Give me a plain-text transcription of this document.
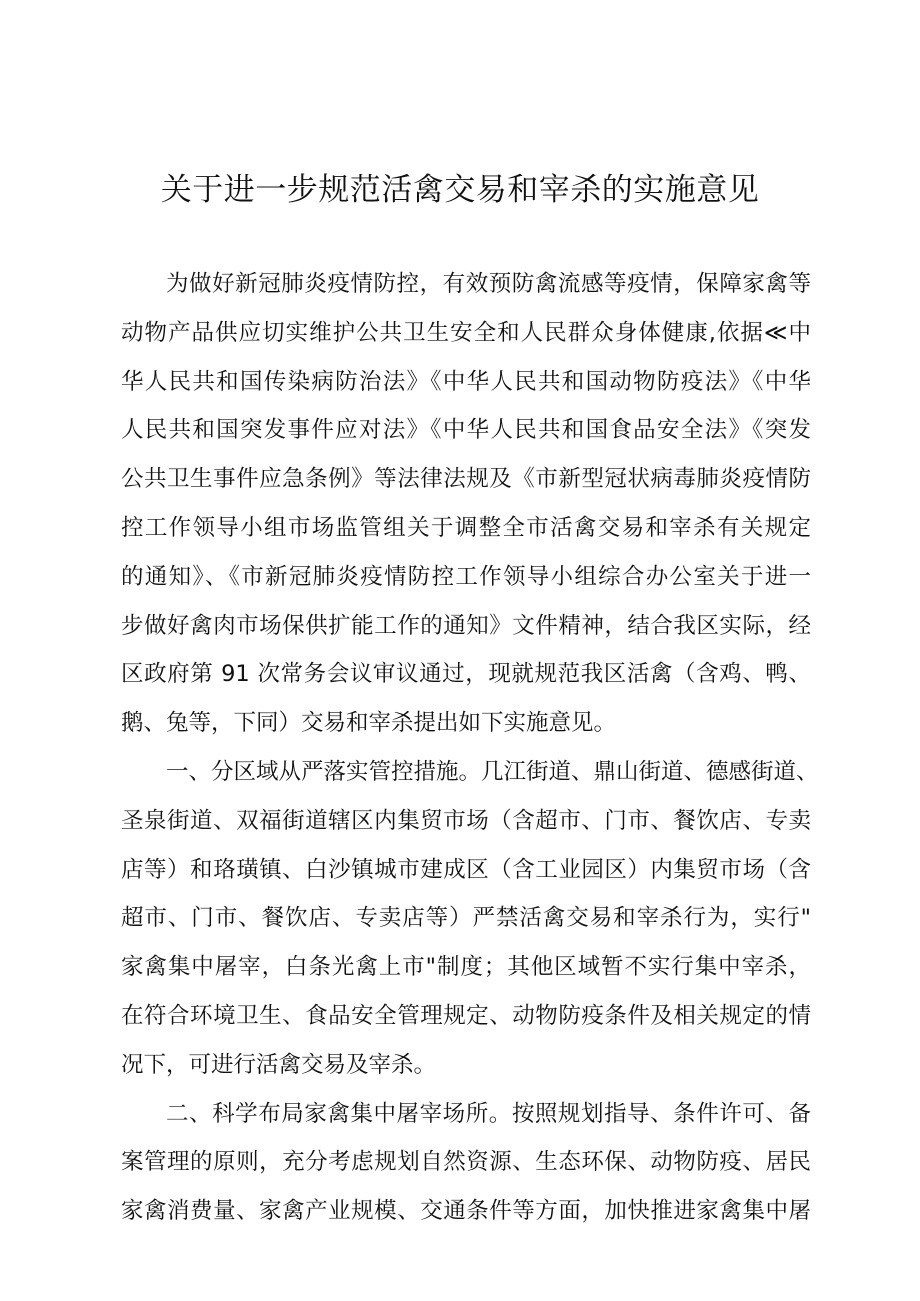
关于进一步规范活禽交易和宰杀的实施意见
为做好新冠肺炎疫情防控，有效预防禽流感等疫情，保障家禽等
动物产品供应切实维护公共卫生安全和人民群众身体健康,依据≪中
华人民共和国传染病防治法》《中华人民共和国动物防疫法》《中华
人民共和国突发事件应对法》《中华人民共和国食品安全法》《突发
公共卫生事件应急条例》等法律法规及《市新型冠状病毒肺炎疫情防
控工作领导小组市场监管组关于调整全市活禽交易和宰杀有关规定
的通知》、《市新冠肺炎疫情防控工作领导小组综合办公室关于进一
步做好禽肉市场保供扩能工作的通知》文件精神，结合我区实际，经
区政府第 91 次常务会议审议通过，现就规范我区活禽（含鸡、鸭、
鹅、兔等，下同）交易和宰杀提出如下实施意见。
一、分区域从严落实管控措施。几江街道、鼎山街道、德感街道、
圣泉街道、双福街道辖区内集贸市场（含超市、门市、餐饮店、专卖
店等）和珞璜镇、白沙镇城市建成区（含工业园区）内集贸市场（含
超市、门市、餐饮店、专卖店等）严禁活禽交易和宰杀行为，实行"
家禽集中屠宰，白条光禽上市"制度；其他区域暂不实行集中宰杀，
在符合环境卫生、食品安全管理规定、动物防疫条件及相关规定的情
况下，可进行活禽交易及宰杀。
二、科学布局家禽集中屠宰场所。按照规划指导、条件许可、备
案管理的原则，充分考虑规划自然资源、生态环保、动物防疫、居民
家禽消费量、家禽产业规模、交通条件等方面，加快推进家禽集中屠
